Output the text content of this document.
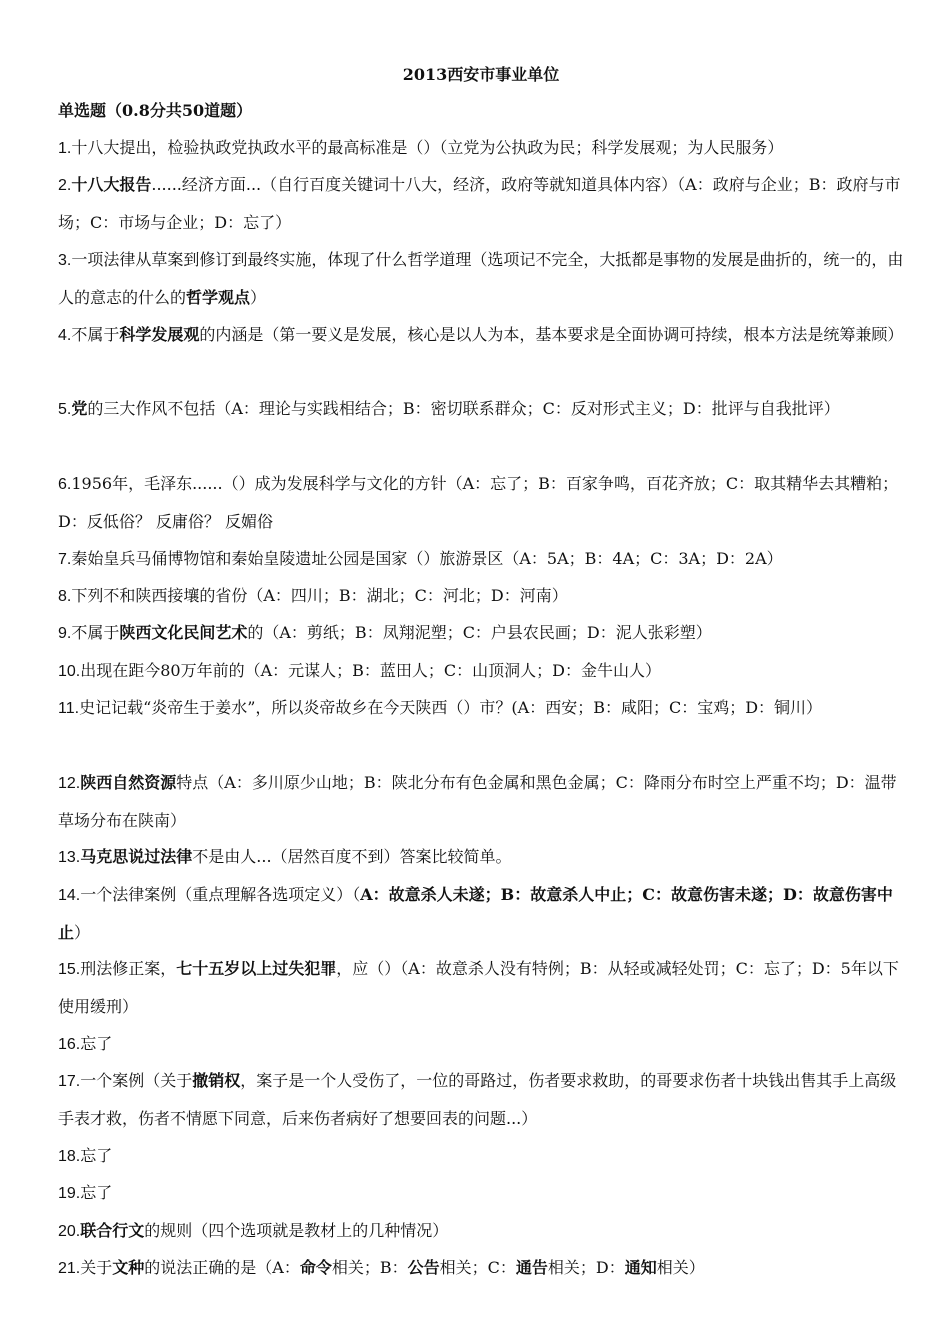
2013西安市事业单位
单选题（0.8分共50道题）
1.十八大提出，检验执政党执政水平的最高标准是（）（立党为公执政为民；科学发展观；为人民服务）
2.十八大报告......经济方面...（自行百度关键词十八大，经济，政府等就知道具体内容）（A：政府与企业；B：政府与市场；C：市场与企业；D：忘了）
3.一项法律从草案到修订到最终实施，体现了什么哲学道理（选项记不完全，大抵都是事物的发展是曲折的，统一的，由人的意志的什么的哲学观点）
4.不属于科学发展观的内涵是（第一要义是发展，核心是以人为本，基本要求是全面协调可持续，根本方法是统筹兼顾）
5.党的三大作风不包括（A：理论与实践相结合；B：密切联系群众；C：反对形式主义；D：批评与自我批评）
6.1956年，毛泽东......（）成为发展科学与文化的方针（A：忘了；B：百家争鸣，百花齐放；C：取其精华去其糟粕；D：反低俗？ 反庸俗？ 反媚俗
7.秦始皇兵马俑博物馆和秦始皇陵遗址公园是国家（）旅游景区（A：5A；B：4A；C：3A；D：2A）
8.下列不和陕西接壤的省份（A：四川；B：湖北；C：河北；D：河南）
9.不属于陕西文化民间艺术的（A：剪纸；B：凤翔泥塑；C：户县农民画；D：泥人张彩塑）
10.出现在距今80万年前的（A：元谋人；B：蓝田人；C：山顶洞人；D：金牛山人）
11.史记记载“炎帝生于姜水”，所以炎帝故乡在今天陕西（）市？(A：西安；B：咸阳；C：宝鸡；D：铜川）
12.陕西自然资源特点（A：多川原少山地；B：陕北分布有色金属和黑色金属；C：降雨分布时空上严重不均；D：温带草场分布在陕南）
13.马克思说过法律不是由人...（居然百度不到）答案比较简单。
14.一个法律案例（重点理解各选项定义）（A：故意杀人未遂；B：故意杀人中止；C：故意伤害未遂；D：故意伤害中止）
15.刑法修正案，七十五岁以上过失犯罪，应（）（A：故意杀人没有特例；B：从轻或减轻处罚；C：忘了；D：5年以下使用缓刑）
16.忘了
17.一个案例（关于撤销权，案子是一个人受伤了，一位的哥路过，伤者要求救助，的哥要求伤者十块钱出售其手上高级手表才救，伤者不情愿下同意，后来伤者病好了想要回表的问题...）
18.忘了
19.忘了
20.联合行文的规则（四个选项就是教材上的几种情况）
21.关于文种的说法正确的是（A：命令相关；B：公告相关；C：通告相关；D：通知相关）
